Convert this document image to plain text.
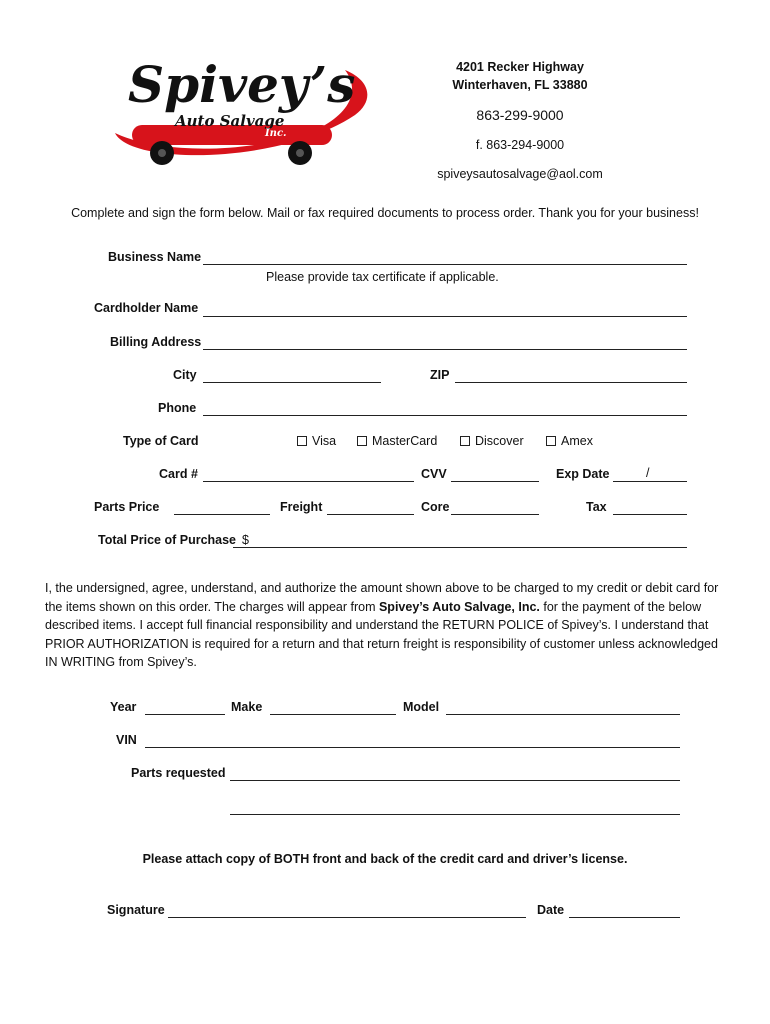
Spivey’s
Auto Salvage
Inc.
4201 Recker Highway
Winterhaven, FL 33880
863-299-9000
f. 863-294-9000
spiveysautosalvage@aol.com
Complete and sign the form below. Mail or fax required documents to process order. Thank you for your business!
Business Name
Please provide tax certificate if applicable.
Cardholder Name
Billing Address
City	ZIP
Phone
Type of Card	Visa	MasterCard	Discover	Amex
Card #	CVV	Exp Date	/
Parts Price	Freight	Core	Tax
Total Price of Purchase $
I, the undersigned, agree, understand, and authorize the amount shown above to be charged to my credit or debit card for the items shown on this order. The charges will appear from Spivey’s Auto Salvage, Inc. for the payment of the below described items. I accept full financial responsibility and understand the RETURN POLICE of Spivey’s. I understand that PRIOR AUTHORIZATION is required for a return and that return freight is responsibility of customer unless acknowledged IN WRITING from Spivey’s.
Year	Make	Model
VIN
Parts requested
Please attach copy of BOTH front and back of the credit card and driver’s license.
Signature	Date
